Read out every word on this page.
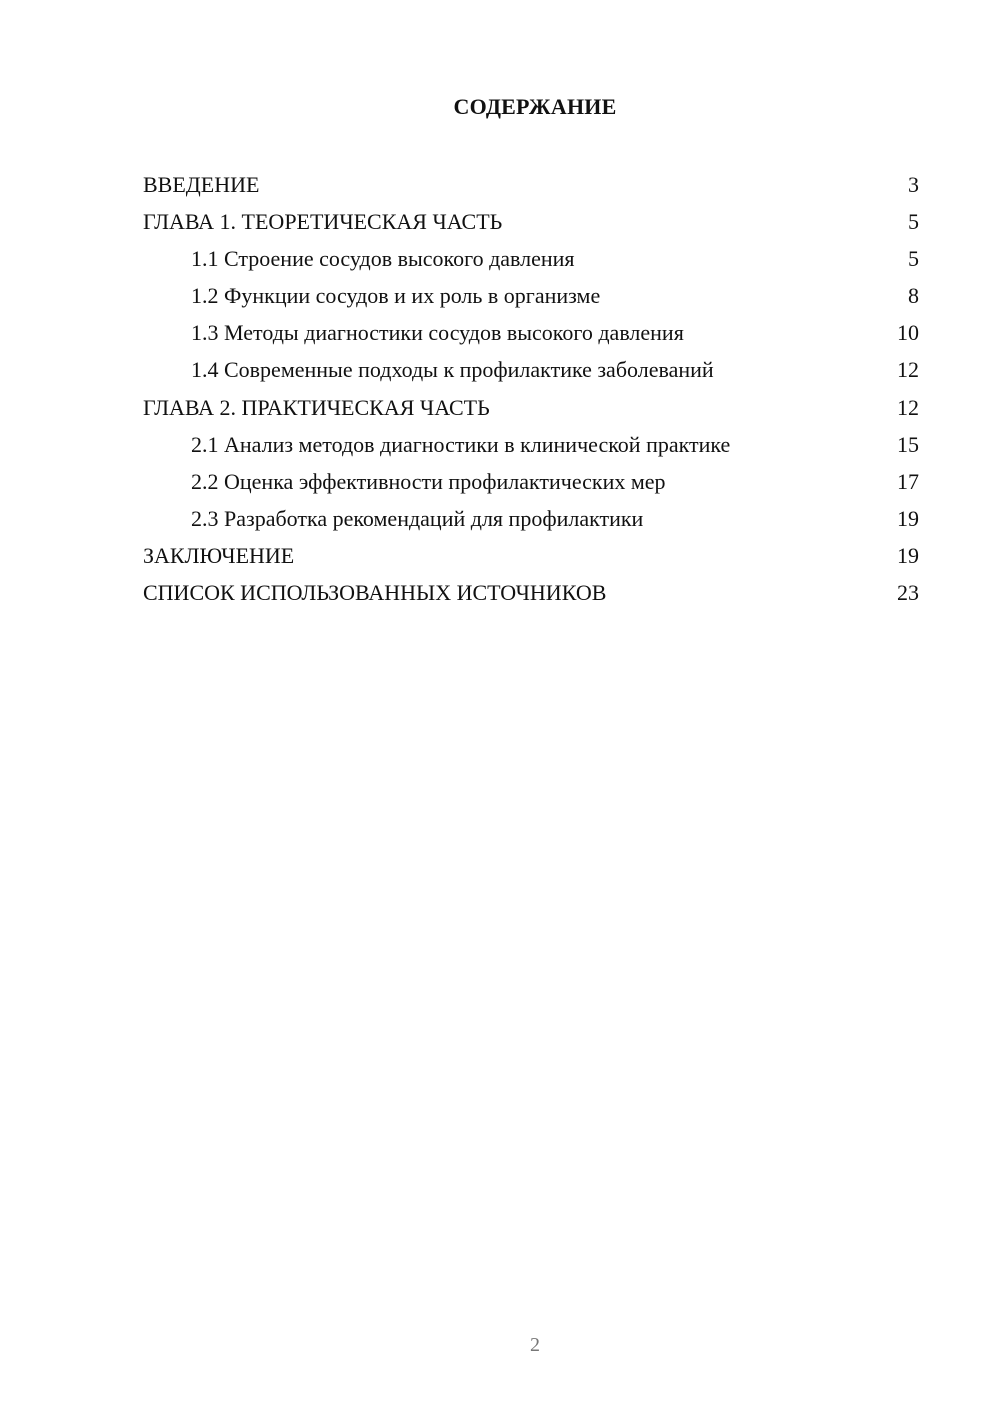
СОДЕРЖАНИЕ
ВВЕДЕНИЕ	3
ГЛАВА 1. ТЕОРЕТИЧЕСКАЯ ЧАСТЬ	5
1.1 Строение сосудов высокого давления	5
1.2 Функции сосудов и их роль в организме	8
1.3 Методы диагностики сосудов высокого давления	10
1.4 Современные подходы к профилактике заболеваний	12
ГЛАВА 2. ПРАКТИЧЕСКАЯ ЧАСТЬ	12
2.1 Анализ методов диагностики в клинической практике	15
2.2 Оценка эффективности профилактических мер	17
2.3 Разработка рекомендаций для профилактики	19
ЗАКЛЮЧЕНИЕ	19
СПИСОК ИСПОЛЬЗОВАННЫХ ИСТОЧНИКОВ	23
2
